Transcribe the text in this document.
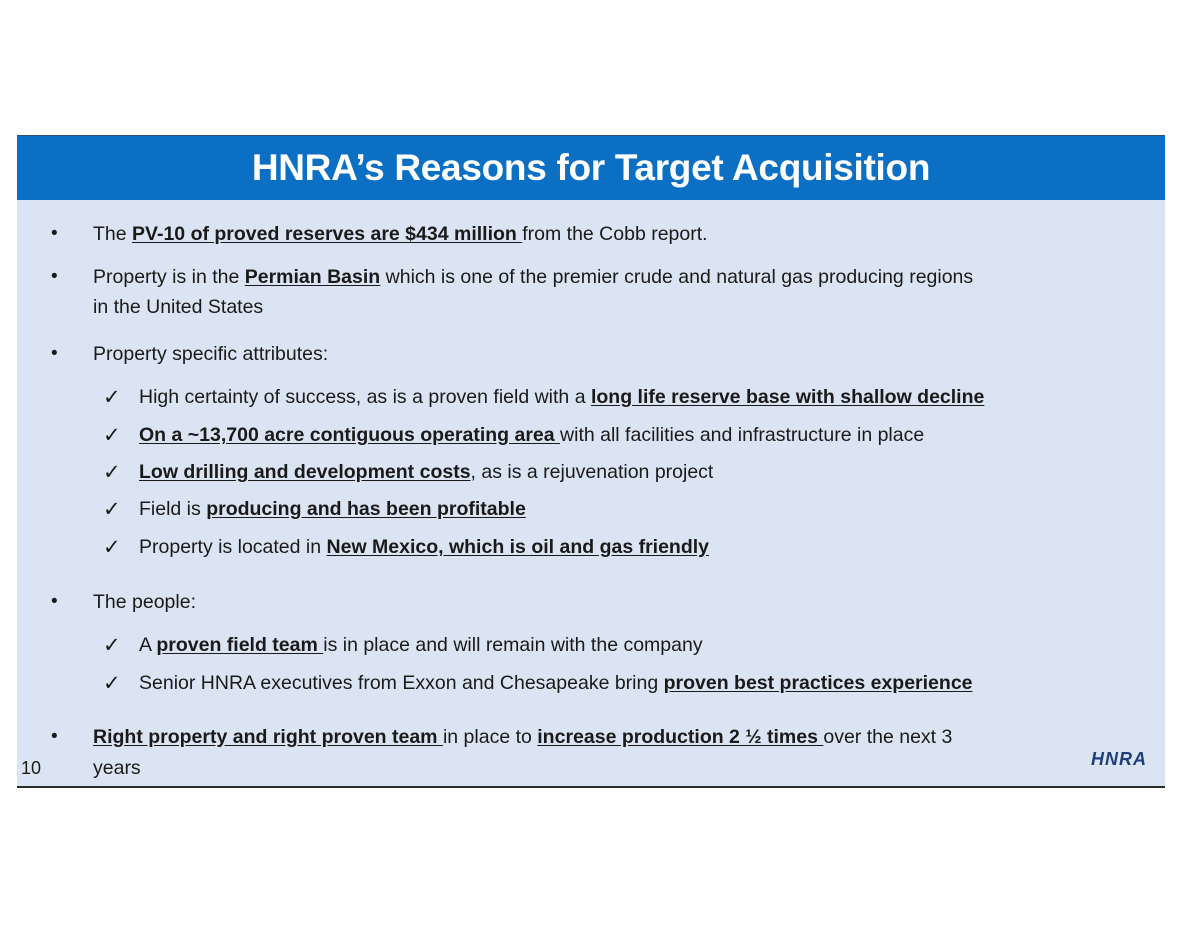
HNRA’s Reasons for Target Acquisition
• The PV-10 of proved reserves are $434 million from the Cobb report.
• Property is in the Permian Basin which is one of the premier crude and natural gas producing regions
in the United States
• Property specific attributes:
✓ High certainty of success, as is a proven field with a long life reserve base with shallow decline
✓ On a ~13,700 acre contiguous operating area with all facilities and infrastructure in place
✓ Low drilling and development costs, as is a rejuvenation project
✓ Field is producing and has been profitable
✓ Property is located in New Mexico, which is oil and gas friendly
• The people:
✓ A proven field team is in place and will remain with the company
✓ Senior HNRA executives from Exxon and Chesapeake bring proven best practices experience
• Right property and right proven team in place to increase production 2 ½ times over the next 3
years
10	HNRA
